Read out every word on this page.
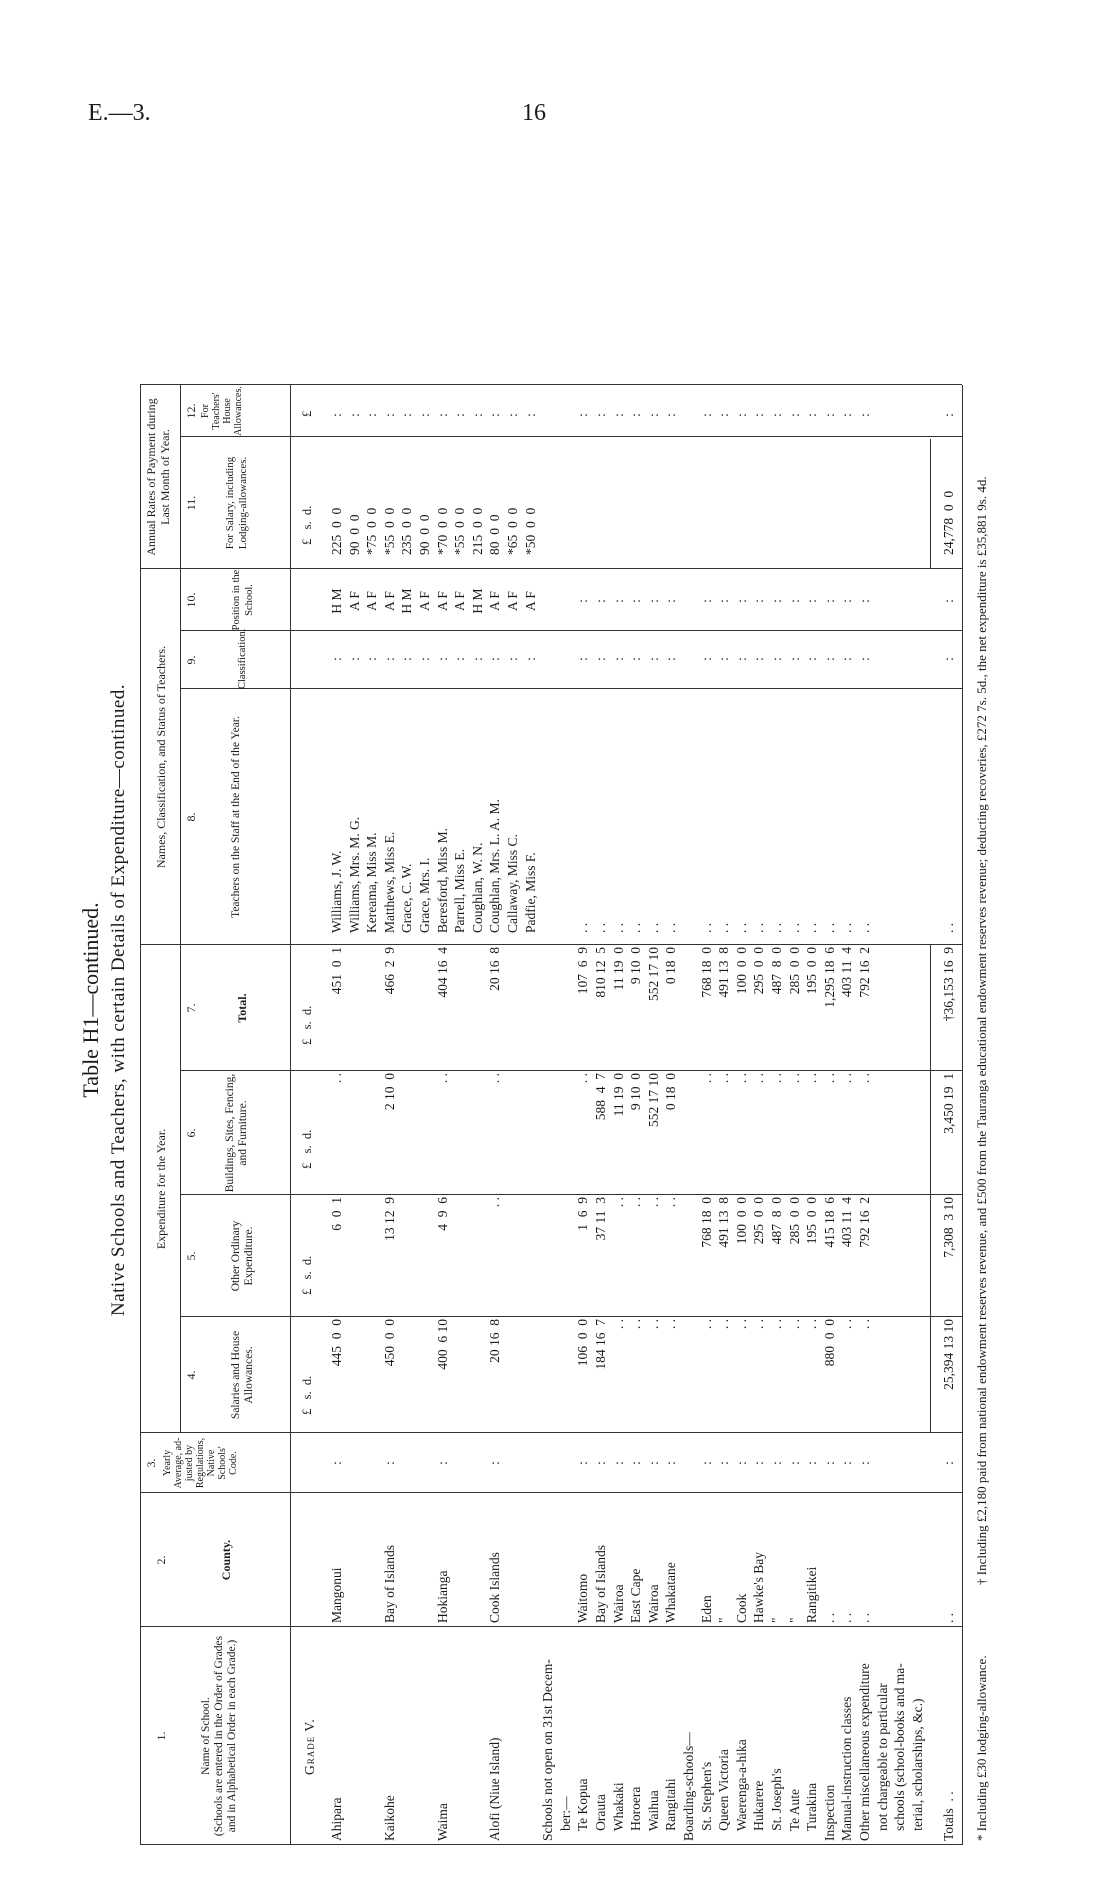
E.—3.	16
Table H1—continued. Native Schools and Teachers, with certain Details of Expenditure—continued. Expenditure for the Year.
Names, Classification, and Status of Teachers.
Annual Rates of Payment during Last Month of Year.
1.
2.
3.
4.
5.
6.
7.
8.
9.
10.
11.
12.
Name of School. (Schools are entered in the Order of Grades and in Alphabetical Order in each Grade.)
County.
Yearly Average, ad-justed by Regulations, Native Schools' Code.
Salaries and House Allowances.
Other Ordinary Expenditure.
Buildings, Sites, Fencing, and Furniture.
Total.
Teachers on the Staff at the End of the Year.
Classification.
Position in the School.
For Salary, including Lodging-allowances.
For Teachers' House Allowances.
£   s.  d.
£   s.  d.
£   s.  d.
£   s.  d.
£   s.  d.
£
Grade V.
Ahipara
Mangonui
:
445  0  0
6  0  1
. .
451  0  1
Williams, J. W.
:
H M
225  0  0
:
Williams, Mrs. M. G.
:
A F
90  0  0
:
Kereama, Miss M.
:
A F
*75  0  0
:
Kaikohe
Bay of Islands
:
450  0  0
13 12  9
2 10  0
466  2  9
Matthews, Miss E.
:
A F
*55  0  0
:
Grace, C. W.
:
H M
235  0  0
:
Grace, Mrs. I.
:
A F
90  0  0
:
Waima
Hokianga
:
400  6 10
4  9  6
. .
404 16  4
Beresford, Miss M.
:
A F
*70  0  0
:
Parrell, Miss E.
:
A F
*55  0  0
:
Coughlan, W. N.
:
H M
215  0  0
:
Alofi (Niue Island)
Cook Islands
:
20 16  8
. .
. .
20 16  8
Coughlan, Mrs. L. A. M.
:
A F
80  0  0
:
Callaway, Miss C.
:
A F
*65  0  0
:
Padfie, Miss F.
:
A F
*50  0  0
:
Schools not open on 31st Decem- ber:— Te Kopua
Waitomo
:
106  0  0
1  6  9
. .
107  6  9
. .
:
:
:
Orauta
Bay of Islands
:
184 16  7
37 11  3
588  4  7
810 12  5
. .
:
:
:
Whakaki
Wairoa
:
. .
. .
11 19  0
11 19  0
. .
:
:
:
Horoera
East Cape
:
. .
. .
9 10  0
9 10  0
. .
:
:
:
Waihua
Wairoa
:
. .
. .
552 17 10
552 17 10
. .
:
:
:
Rangitahi
Whakatane
:
. .
. .
0 18  0
0 18  0
. .
:
:
:
Boarding-schools— St. Stephen's
Eden
:
. .
768 18  0
. .
768 18  0
. .
:
:
:
Queen Victoria
"
:
. .
491 13  8
. .
491 13  8
. .
:
:
:
Waerenga-a-hika
Cook
:
. .
100  0  0
. .
100  0  0
. .
:
:
:
Hukarere
Hawke's Bay
:
. .
295  0  0
. .
295  0  0
. .
:
:
:
St. Joseph's
"
:
. .
487  8  0
. .
487  8  0
. .
:
:
:
Te Aute
"
:
. .
285  0  0
. .
285  0  0
. .
:
:
:
Turakina
Rangitikei
:
. .
195  0  0
. .
195  0  0
. .
:
:
:
Inspection
. .
:
880  0  0
415 18  6
. .
1,295 18  6
. .
:
:
:
Manual-instruction classes
. .
:
. .
403 11  4
. .
403 11  4
. .
:
:
:
Other miscellaneous expenditure
. .
:
. .
792 16  2
. .
792 16  2
. .
:
:
:
not chargeable to particular schools (school-books and ma- terial, scholarships, &c.) Totals  . .
. .
:
25,394 13 10
7,308  3 10
3,450 19  1
†36,153 16  9
. .
:
:
24,778  0  0
:
* Including £30 lodging-allowance.
† Including £2,180 paid from national endowment reserves revenue, and £500 from the Tauranga educational endowment reserves revenue; deducting recoveries, £272 7s. 5d., the net expenditure is £35,881 9s. 4d.
